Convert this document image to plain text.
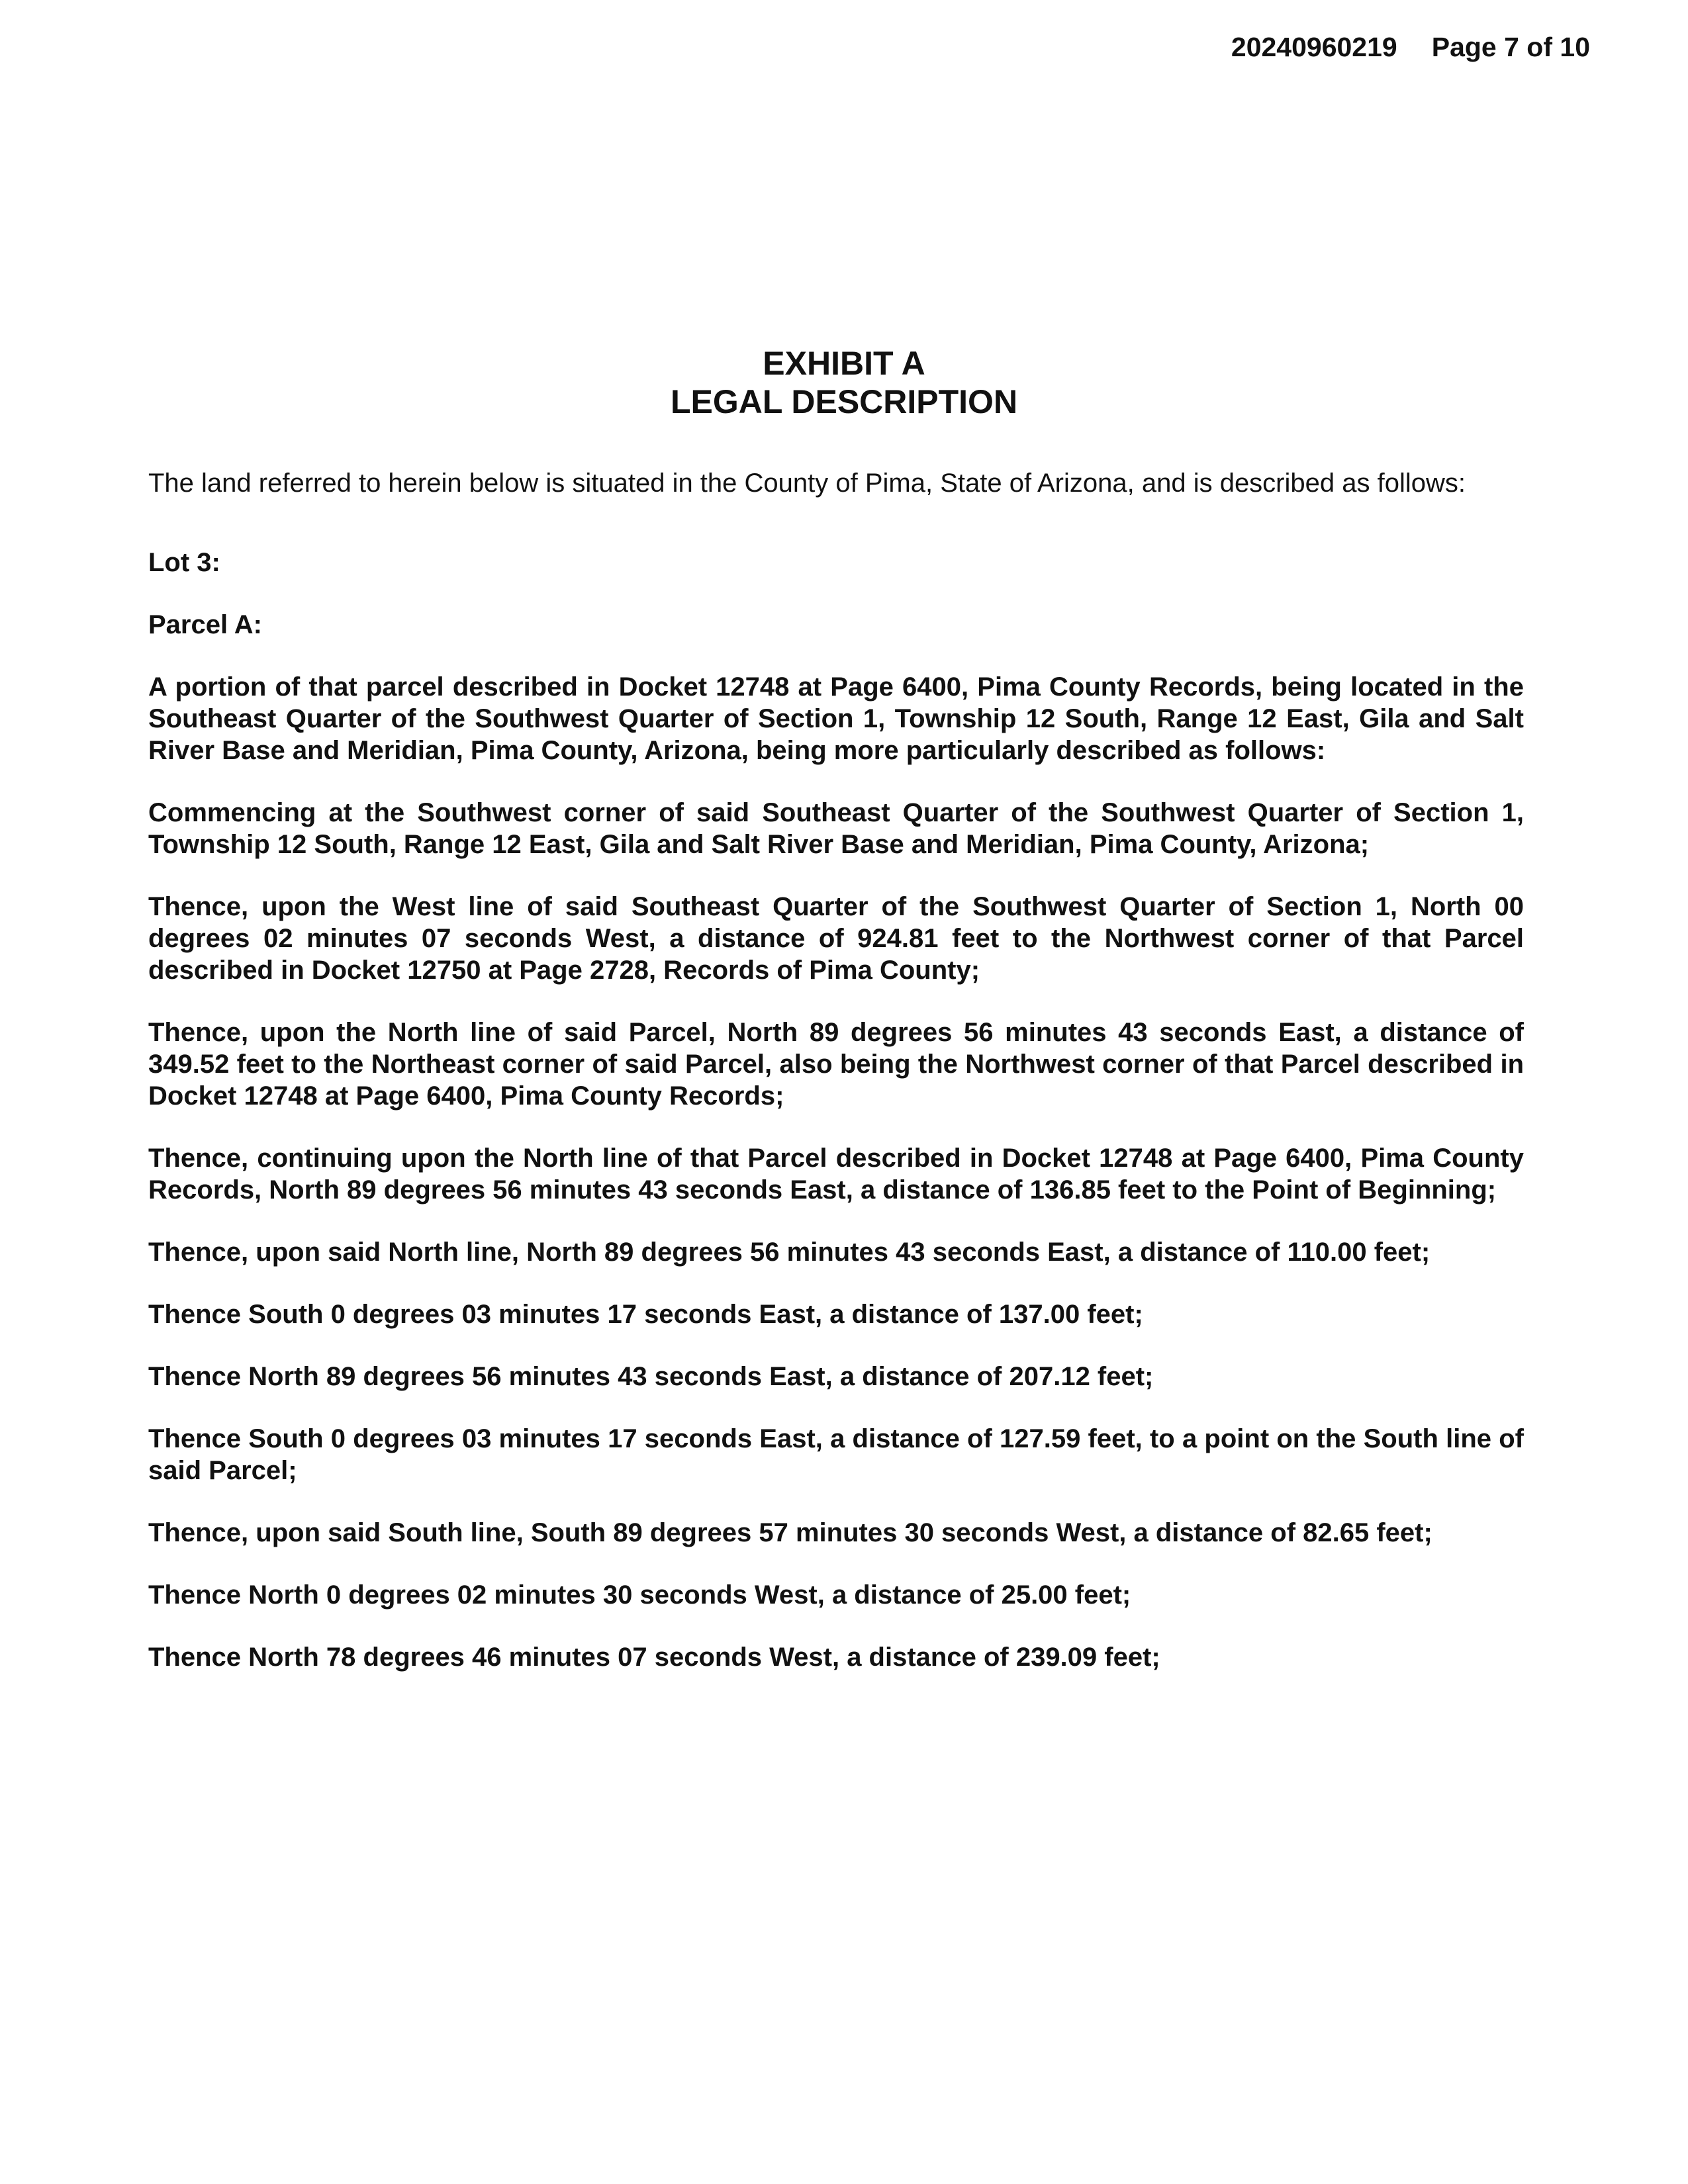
20240960219 Page 7 of 10
EXHIBIT A
LEGAL DESCRIPTION

The land referred to herein below is situated in the County of Pima, State of Arizona, and is described as follows:

Lot 3:

Parcel A:

A portion of that parcel described in Docket 12748 at Page 6400, Pima County Records, being located in the Southeast Quarter of the Southwest Quarter of Section 1, Township 12 South, Range 12 East, Gila and Salt River Base and Meridian, Pima County, Arizona, being more particularly described as follows:

Commencing at the Southwest corner of said Southeast Quarter of the Southwest Quarter of Section 1, Township 12 South, Range 12 East, Gila and Salt River Base and Meridian, Pima County, Arizona;

Thence, upon the West line of said Southeast Quarter of the Southwest Quarter of Section 1, North 00 degrees 02 minutes 07 seconds West, a distance of 924.81 feet to the Northwest corner of that Parcel described in Docket 12750 at Page 2728, Records of Pima County;

Thence, upon the North line of said Parcel, North 89 degrees 56 minutes 43 seconds East, a distance of 349.52 feet to the Northeast corner of said Parcel, also being the Northwest corner of that Parcel described in Docket 12748 at Page 6400, Pima County Records;

Thence, continuing upon the North line of that Parcel described in Docket 12748 at Page 6400, Pima County Records, North 89 degrees 56 minutes 43 seconds East, a distance of 136.85 feet to the Point of Beginning;

Thence, upon said North line, North 89 degrees 56 minutes 43 seconds East, a distance of 110.00 feet;

Thence South 0 degrees 03 minutes 17 seconds East, a distance of 137.00 feet;

Thence North 89 degrees 56 minutes 43 seconds East, a distance of 207.12 feet;

Thence South 0 degrees 03 minutes 17 seconds East, a distance of 127.59 feet, to a point on the South line of said Parcel;

Thence, upon said South line, South 89 degrees 57 minutes 30 seconds West, a distance of 82.65 feet;

Thence North 0 degrees 02 minutes 30 seconds West, a distance of 25.00 feet;

Thence North 78 degrees 46 minutes 07 seconds West, a distance of 239.09 feet;
